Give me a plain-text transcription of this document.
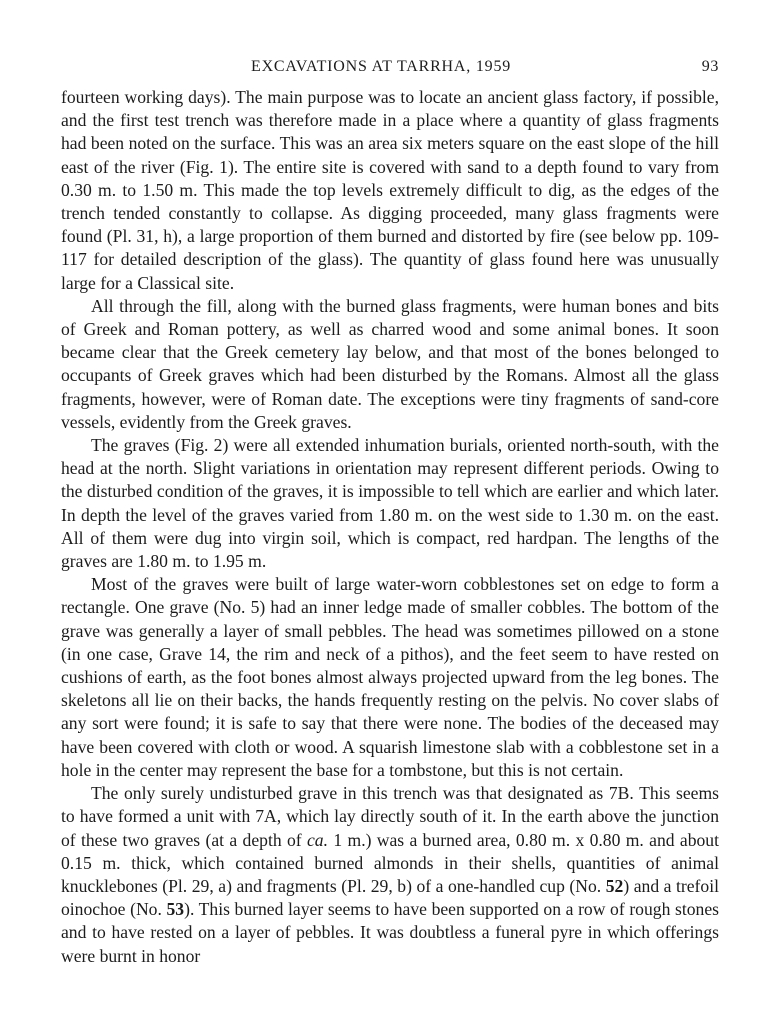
EXCAVATIONS AT TARRHA, 1959	93

fourteen working days). The main purpose was to locate an ancient glass factory, if possible, and the first test trench was therefore made in a place where a quantity of glass fragments had been noted on the surface. This was an area six meters square on the east slope of the hill east of the river (Fig. 1). The entire site is covered with sand to a depth found to vary from 0.30 m. to 1.50 m. This made the top levels extremely difficult to dig, as the edges of the trench tended constantly to collapse. As digging proceeded, many glass fragments were found (Pl. 31, h), a large proportion of them burned and distorted by fire (see below pp. 109-117 for detailed description of the glass). The quantity of glass found here was unusually large for a Classical site.

All through the fill, along with the burned glass fragments, were human bones and bits of Greek and Roman pottery, as well as charred wood and some animal bones. It soon became clear that the Greek cemetery lay below, and that most of the bones belonged to occupants of Greek graves which had been disturbed by the Romans. Almost all the glass fragments, however, were of Roman date. The exceptions were tiny fragments of sand-core vessels, evidently from the Greek graves.

The graves (Fig. 2) were all extended inhumation burials, oriented north-south, with the head at the north. Slight variations in orientation may represent different periods. Owing to the disturbed condition of the graves, it is impossible to tell which are earlier and which later. In depth the level of the graves varied from 1.80 m. on the west side to 1.30 m. on the east. All of them were dug into virgin soil, which is compact, red hardpan. The lengths of the graves are 1.80 m. to 1.95 m.

Most of the graves were built of large water-worn cobblestones set on edge to form a rectangle. One grave (No. 5) had an inner ledge made of smaller cobbles. The bottom of the grave was generally a layer of small pebbles. The head was sometimes pillowed on a stone (in one case, Grave 14, the rim and neck of a pithos), and the feet seem to have rested on cushions of earth, as the foot bones almost always projected upward from the leg bones. The skeletons all lie on their backs, the hands frequently resting on the pelvis. No cover slabs of any sort were found; it is safe to say that there were none. The bodies of the deceased may have been covered with cloth or wood. A squarish limestone slab with a cobblestone set in a hole in the center may represent the base for a tombstone, but this is not certain.

The only surely undisturbed grave in this trench was that designated as 7B. This seems to have formed a unit with 7A, which lay directly south of it. In the earth above the junction of these two graves (at a depth of ca. 1 m.) was a burned area, 0.80 m. x 0.80 m. and about 0.15 m. thick, which contained burned almonds in their shells, quantities of animal knucklebones (Pl. 29, a) and fragments (Pl. 29, b) of a one-handled cup (No. 52) and a trefoil oinochoe (No. 53). This burned layer seems to have been supported on a row of rough stones and to have rested on a layer of pebbles. It was doubtless a funeral pyre in which offerings were burnt in honor
